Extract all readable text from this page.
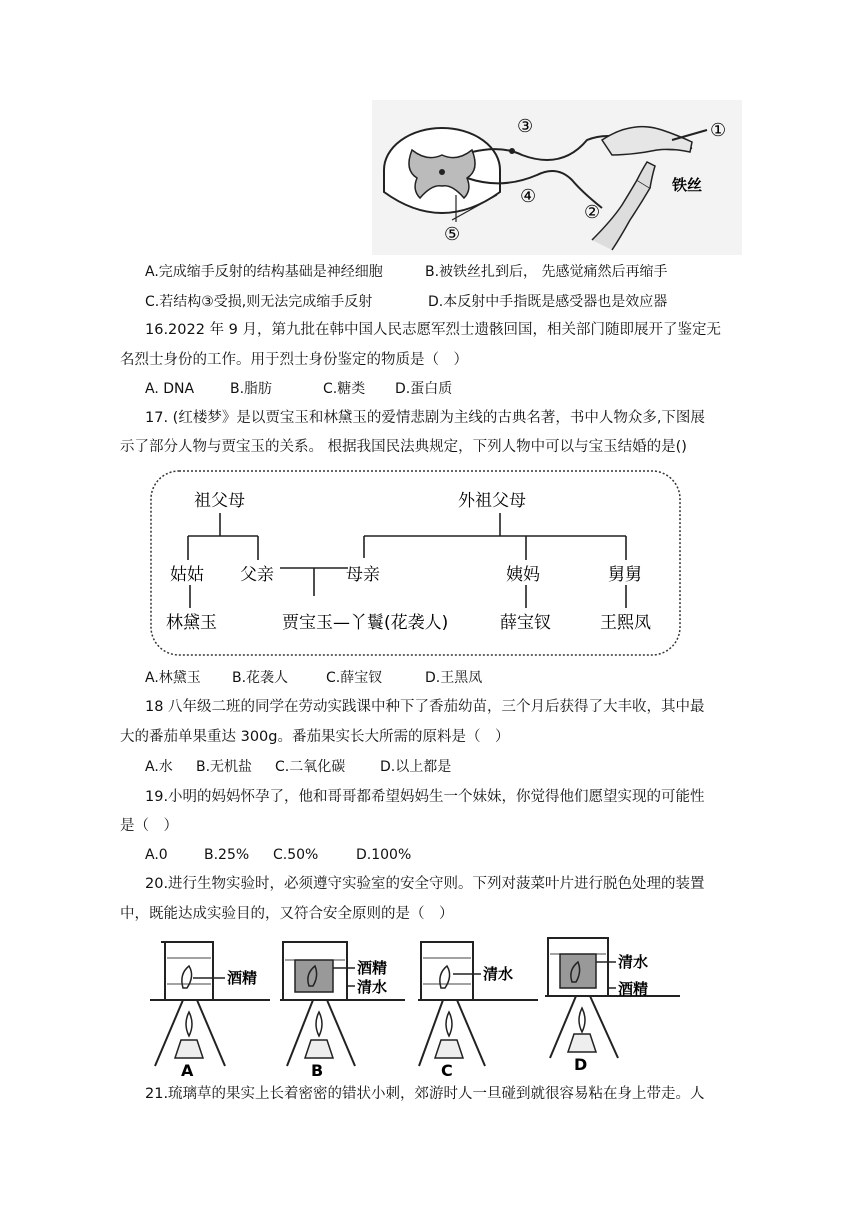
③
④
⑤
②
①
铁丝
A.完成缩手反射的结构基础是神经细胞	B.被铁丝扎到后， 先感觉痛然后再缩手
C.若结构③受损,则无法完成缩手反射	D.本反射中手指既是感受器也是效应器
16.2022 年 9 月，第九批在韩中国人民志愿军烈士遗骸回国，相关部门随即展开了鉴定无
名烈士身份的工作。用于烈士身份鉴定的物质是（　）
A. DNA	B.脂肪	C.糖类 D.蛋白质
17. (红楼梦》是以贾宝玉和林黛玉的爱情悲剧为主线的古典名著，书中人物众多,下图展
示了部分人物与贾宝玉的关系。 根据我国民法典规定，下列人物中可以与宝玉结婚的是()
祖父母	外祖父母
姑姑 父亲	母亲	姨妈	舅舅
林黛玉	贾宝玉—丫鬟(花袭人)	薛宝钗	王熙凤
A.林黛玉 B.花袭人	C.薛宝钗	D.王黑凤
18 八年级二班的同学在劳动实践课中种下了香茄幼苗，三个月后获得了大丰收，其中最
大的番茄单果重达 300g。番茄果实长大所需的原料是（　）
A.水 B.无机盐 C.二氧化碳 D.以上都是
19.小明的妈妈怀孕了，他和哥哥都希望妈妈生一个妹妹，你觉得他们愿望实现的可能性
是（　）
A.0	B.25% C.50%	D.100%
20.进行生物实验时，必须遵守实验室的安全守则。下列对菠菜叶片进行脱色处理的装置
中，既能达成实验目的，又符合安全原则的是（　）
酒精
A
酒精
清水
B
清水
C
清水
酒精
D
21.琉璃草的果实上长着密密的错状小刺，郊游时人一旦碰到就很容易粘在身上带走。人
